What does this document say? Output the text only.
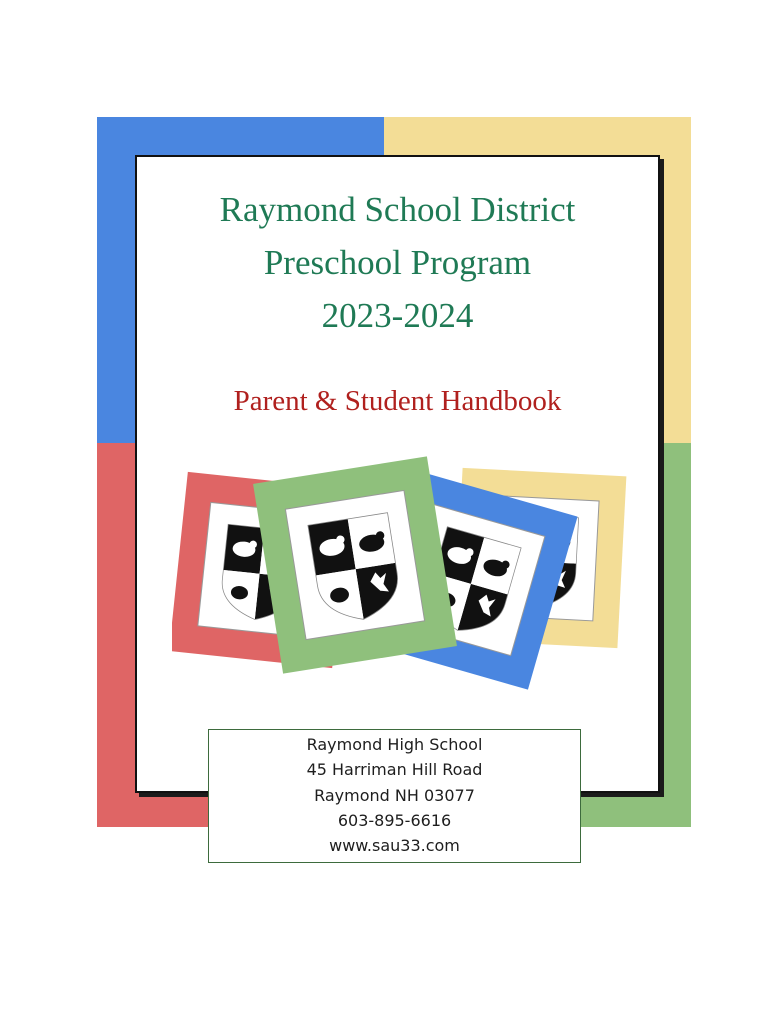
Raymond School District
Preschool Program
2023-2024
Parent & Student Handbook
Raymond High School
45 Harriman Hill Road
Raymond NH 03077
603-895-6616
www.sau33.com
